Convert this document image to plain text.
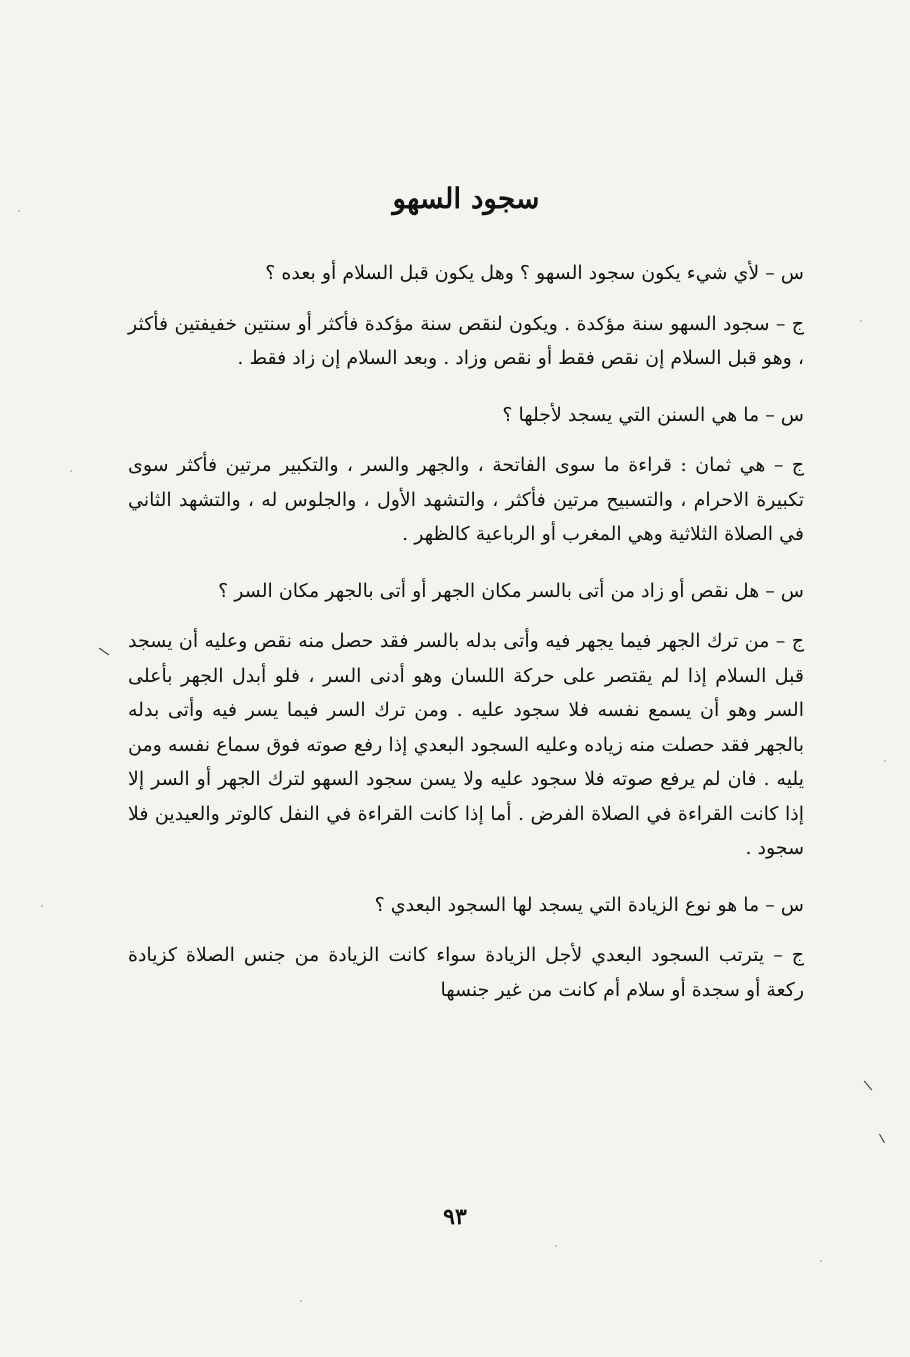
سجود السهو

س – لأي شيء يكون سجود السهو ؟ وهل يكون قبل السلام أو بعده ؟

ج – سجود السهو سنة مؤكدة . ويكون لنقص سنة مؤكدة فأكثر أو سنتين خفيفتين فأكثر ، وهو قبل السلام إن نقص فقط أو نقص وزاد . وبعد السلام إن زاد فقط .

س – ما هي السنن التي يسجد لأجلها ؟

ج – هي ثمان : قراءة ما سوى الفاتحة ، والجهر والسر ، والتكبير مرتين فأكثر سوى تكبيرة الاحرام ، والتسبيح مرتين فأكثر ، والتشهد الأول ، والجلوس له ، والتشهد الثاني في الصلاة الثلاثية وهي المغرب أو الرباعية كالظهر .

س – هل نقص أو زاد من أتى بالسر مكان الجهر أو أتى بالجهر مكان السر ؟

ج – من ترك الجهر فيما يجهر فيه وأتى بدله بالسر فقد حصل منه نقص وعليه أن يسجد قبل السلام إذا لم يقتصر على حركة اللسان وهو أدنى السر ، فلو أبدل الجهر بأعلى السر وهو أن يسمع نفسه فلا سجود عليه . ومن ترك السر فيما يسر فيه وأتى بدله بالجهر فقد حصلت منه زياده وعليه السجود البعدي إذا رفع صوته فوق سماع نفسه ومن يليه . فان لم يرفع صوته فلا سجود عليه ولا يسن سجود السهو لترك الجهر أو السر إلا إذا كانت القراءة في الصلاة الفرض . أما إذا كانت القراءة في النفل كالوتر والعيدين فلا سجود .

س – ما هو نوع الزيادة التي يسجد لها السجود البعدي ؟

ج – يترتب السجود البعدي لأجل الزيادة سواء كانت الزيادة من جنس الصلاة كزيادة ركعة أو سجدة أو سلام أم كانت من غير جنسها

٩٣
